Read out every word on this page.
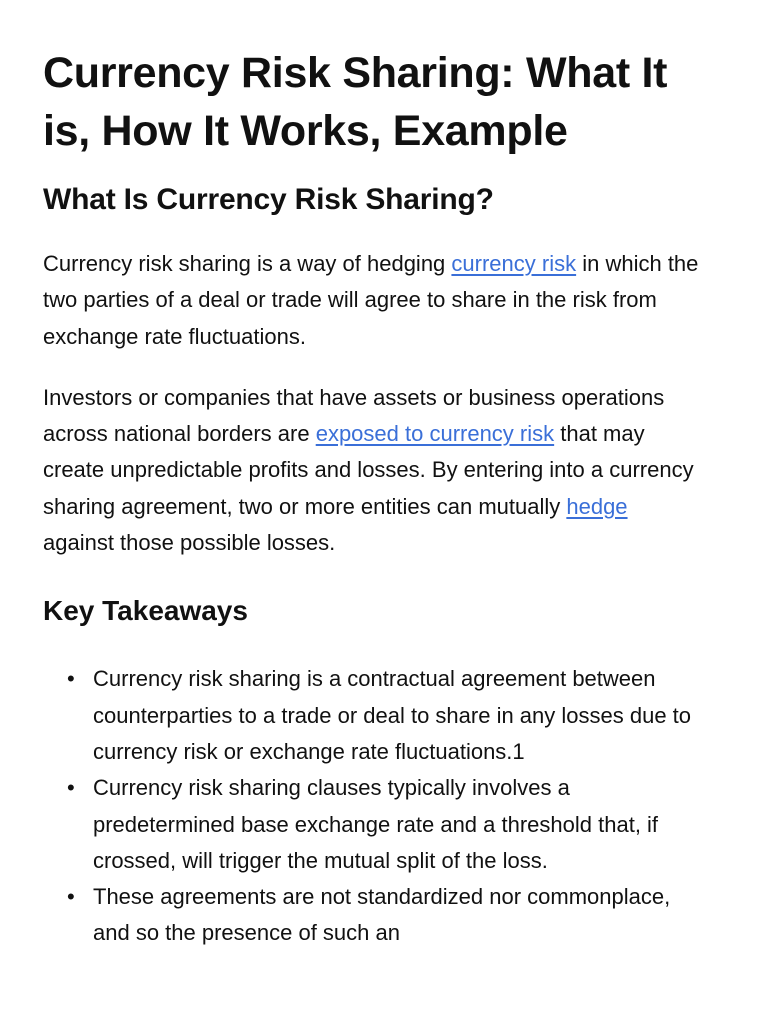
Currency Risk Sharing: What It is, How It Works, Example
What Is Currency Risk Sharing?

Currency risk sharing is a way of hedging currency risk in which the two parties of a deal or trade will agree to share in the risk from exchange rate fluctuations.

Investors or companies that have assets or business operations across national borders are exposed to currency risk that may create unpredictable profits and losses. By entering into a currency sharing agreement, two or more entities can mutually hedge against those possible losses.

Key Takeaways
• Currency risk sharing is a contractual agreement between counterparties to a trade or deal to share in any losses due to currency risk or exchange rate fluctuations.1
• Currency risk sharing clauses typically involves a predetermined base exchange rate and a threshold that, if crossed, will trigger the mutual split of the loss.
• These agreements are not standardized nor commonplace, and so the presence of such an
